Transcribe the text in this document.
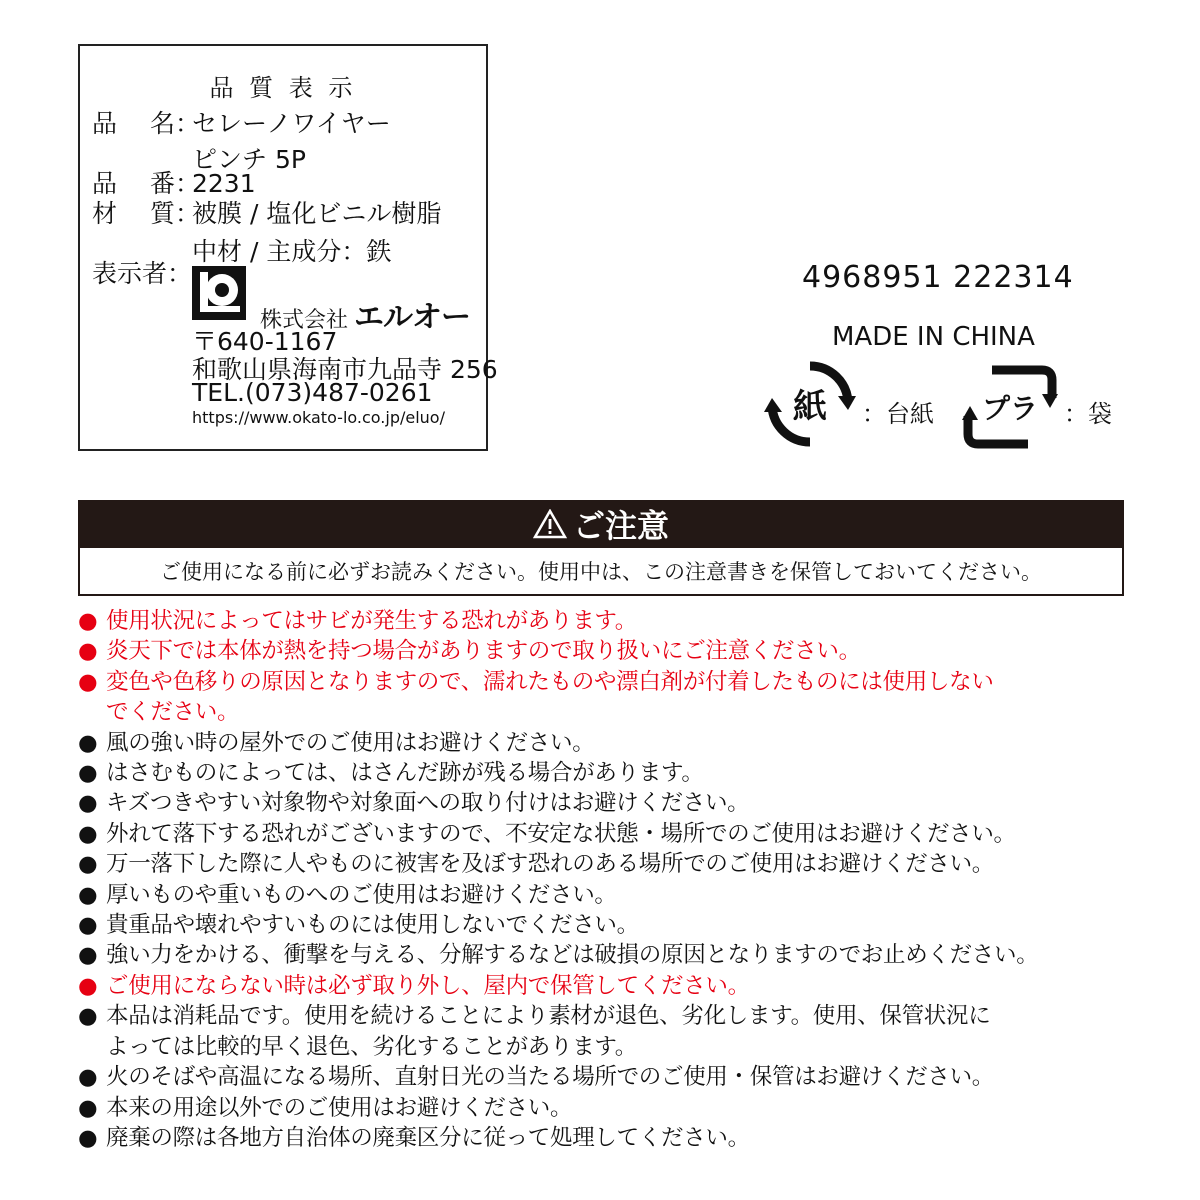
品 質 表 示
品　 名：セレーノワイヤー
ピンチ 5P
品　 番：2231
材　 質：被膜 / 塩化ビニル樹脂
中材 / 主成分：鉄
表示者：
株式会社 エルオー
〒640-1167
和歌山県海南市九品寺 256
TEL.(073)487-0261
https://www.okato-lo.co.jp/eluo/
4968951 222314
MADE IN CHINA
紙 ：台紙 プラ ：袋
ご注意
ご使用になる前に必ずお読みください。使用中は、この注意書きを保管しておいてください。
● 使用状況によってはサビが発生する恐れがあります。
● 炎天下では本体が熱を持つ場合がありますので取り扱いにご注意ください。
● 変色や色移りの原因となりますので、濡れたものや漂白剤が付着したものには使用しない
でください。
● 風の強い時の屋外でのご使用はお避けください。
● はさむものによっては、はさんだ跡が残る場合があります。
● キズつきやすい対象物や対象面への取り付けはお避けください。
● 外れて落下する恐れがございますので、不安定な状態・場所でのご使用はお避けください。
● 万一落下した際に人やものに被害を及ぼす恐れのある場所でのご使用はお避けください。
● 厚いものや重いものへのご使用はお避けください。
● 貴重品や壊れやすいものには使用しないでください。
● 強い力をかける、衝撃を与える、分解するなどは破損の原因となりますのでお止めください。
● ご使用にならない時は必ず取り外し、屋内で保管してください。
● 本品は消耗品です。使用を続けることにより素材が退色、劣化します。使用、保管状況に
よっては比較的早く退色、劣化することがあります。
● 火のそばや高温になる場所、直射日光の当たる場所でのご使用・保管はお避けください。
● 本来の用途以外でのご使用はお避けください。
● 廃棄の際は各地方自治体の廃棄区分に従って処理してください。
